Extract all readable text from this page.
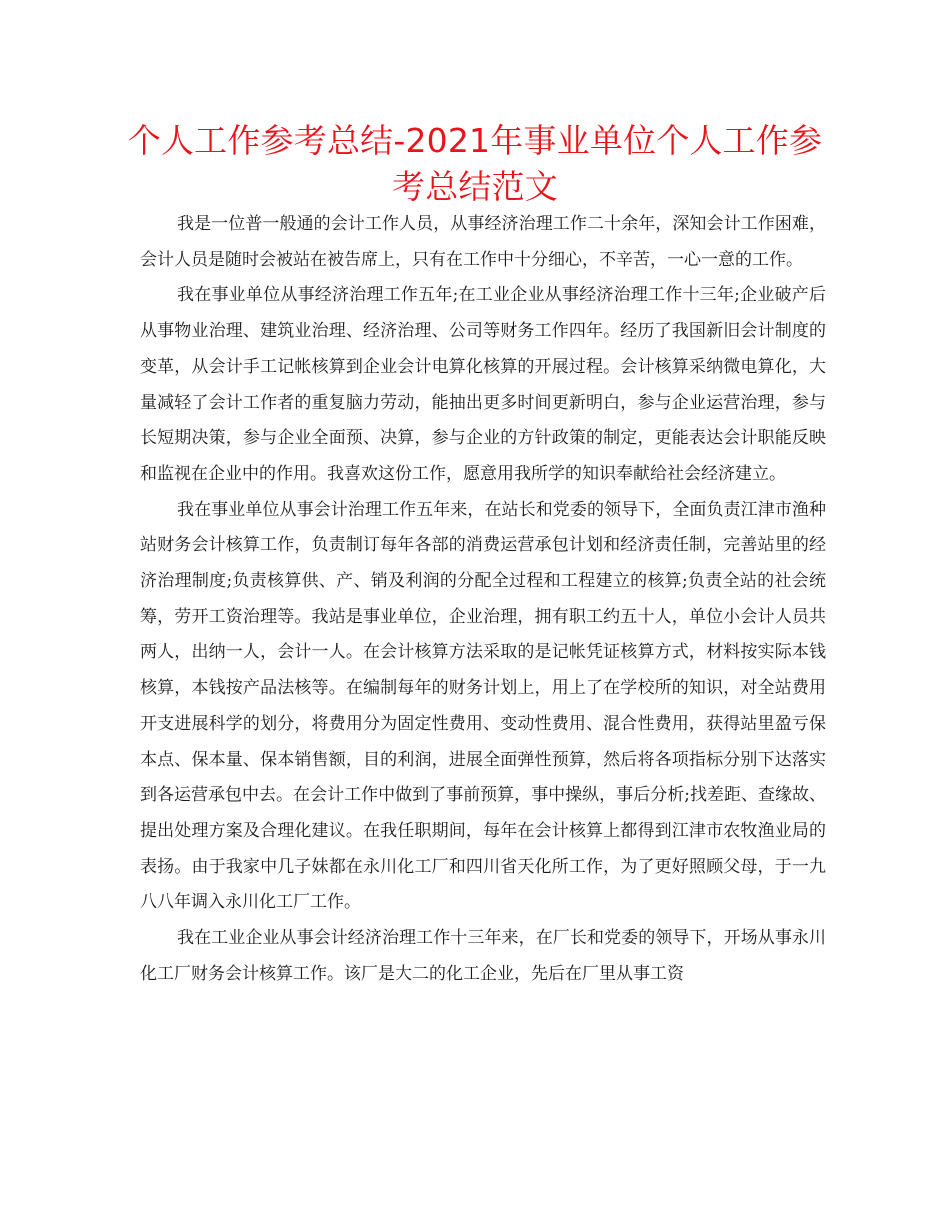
个人工作参考总结-2021年事业单位个人工作参考总结范文

我是一位普一般通的会计工作人员，从事经济治理工作二十余年，深知会计工作困难，会计人员是随时会被站在被告席上，只有在工作中十分细心，不辛苦，一心一意的工作。

我在事业单位从事经济治理工作五年;在工业企业从事经济治理工作十三年;企业破产后从事物业治理、建筑业治理、经济治理、公司等财务工作四年。经历了我国新旧会计制度的变革，从会计手工记帐核算到企业会计电算化核算的开展过程。会计核算采纳微电算化，大量减轻了会计工作者的重复脑力劳动，能抽出更多时间更新明白，参与企业运营治理，参与长短期决策，参与企业全面预、决算，参与企业的方针政策的制定，更能表达会计职能反映和监视在企业中的作用。我喜欢这份工作，愿意用我所学的知识奉献给社会经济建立。

我在事业单位从事会计治理工作五年来，在站长和党委的领导下，全面负责江津市渔种站财务会计核算工作，负责制订每年各部的消费运营承包计划和经济责任制，完善站里的经济治理制度;负责核算供、产、销及利润的分配全过程和工程建立的核算;负责全站的社会统筹，劳开工资治理等。我站是事业单位，企业治理，拥有职工约五十人，单位小会计人员共两人，出纳一人，会计一人。在会计核算方法采取的是记帐凭证核算方式，材料按实际本钱核算，本钱按产品法核等。在编制每年的财务计划上，用上了在学校所的知识，对全站费用开支进展科学的划分，将费用分为固定性费用、变动性费用、混合性费用，获得站里盈亏保本点、保本量、保本销售额，目的利润，进展全面弹性预算，然后将各项指标分别下达落实到各运营承包中去。在会计工作中做到了事前预算，事中操纵，事后分析;找差距、查缘故、提出处理方案及合理化建议。在我任职期间，每年在会计核算上都得到江津市农牧渔业局的表扬。由于我家中几子妹都在永川化工厂和四川省天化所工作，为了更好照顾父母，于一九八八年调入永川化工厂工作。

我在工业企业从事会计经济治理工作十三年来，在厂长和党委的领导下，开场从事永川化工厂财务会计核算工作。该厂是大二的化工企业，先后在厂里从事工资
